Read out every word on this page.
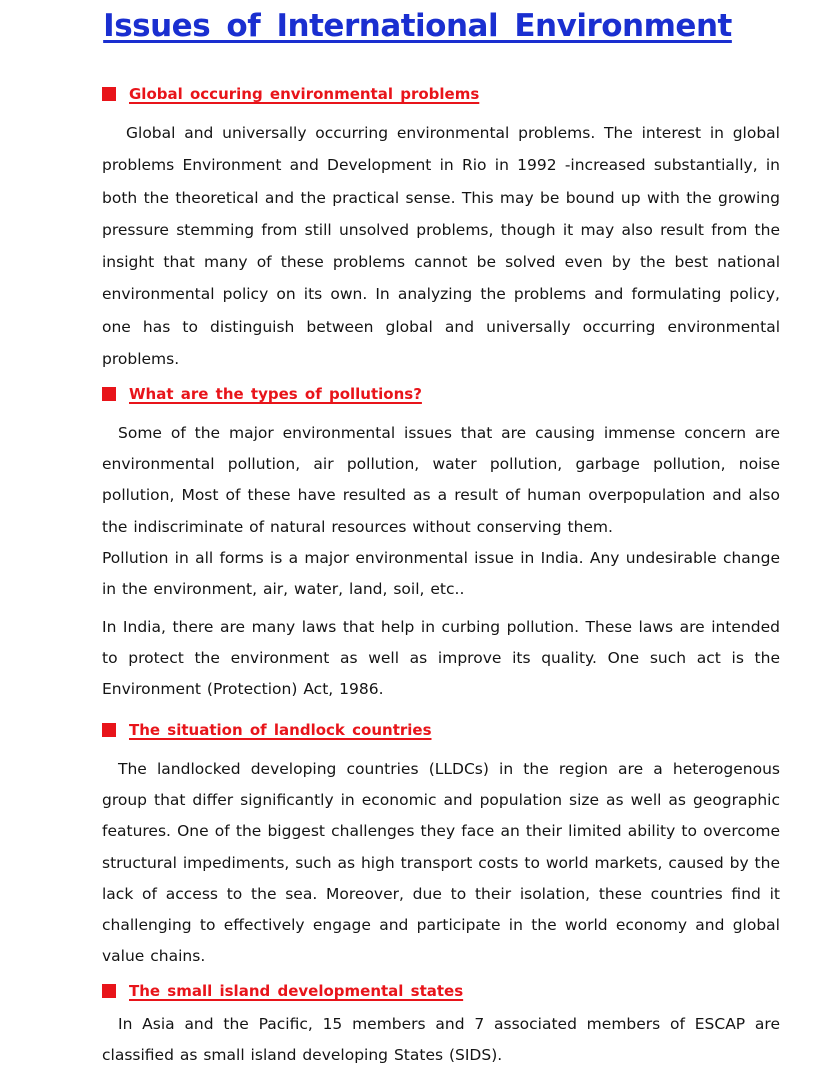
Issues of International Environment
Global occuring environmental problems

Global and universally occurring environmental problems. The interest in global problems Environment and Development in Rio in 1992 -increased substantially, in both the theoretical and the practical sense. This may be bound up with the growing pressure stemming from still unsolved problems, though it may also result from the insight that many of these problems cannot be solved even by the best national environmental policy on its own. In analyzing the problems and formulating policy, one has to distinguish between global and universally occurring environmental problems.

What are the types of pollutions?

Some of the major environmental issues that are causing immense concern are environmental pollution, air pollution, water pollution, garbage pollution, noise pollution, Most of these have resulted as a result of human overpopulation and also the indiscriminate of natural resources without conserving them.

Pollution in all forms is a major environmental issue in India. Any undesirable change in the environment, air, water, land, soil, etc..

In India, there are many laws that help in curbing pollution. These laws are intended to protect the environment as well as improve its quality. One such act is the Environment (Protection) Act, 1986.

The situation of landlock countries

The landlocked developing countries (LLDCs) in the region are a heterogenous group that differ significantly in economic and population size as well as geographic features. One of the biggest challenges they face an their limited ability to overcome structural impediments, such as high transport costs to world markets, caused by the lack of access to the sea. Moreover, due to their isolation, these countries find it challenging to effectively engage and participate in the world economy and global value chains.

The small island developmental states

In Asia and the Pacific, 15 members and 7 associated members of ESCAP are classified as small island developing States (SIDS).
